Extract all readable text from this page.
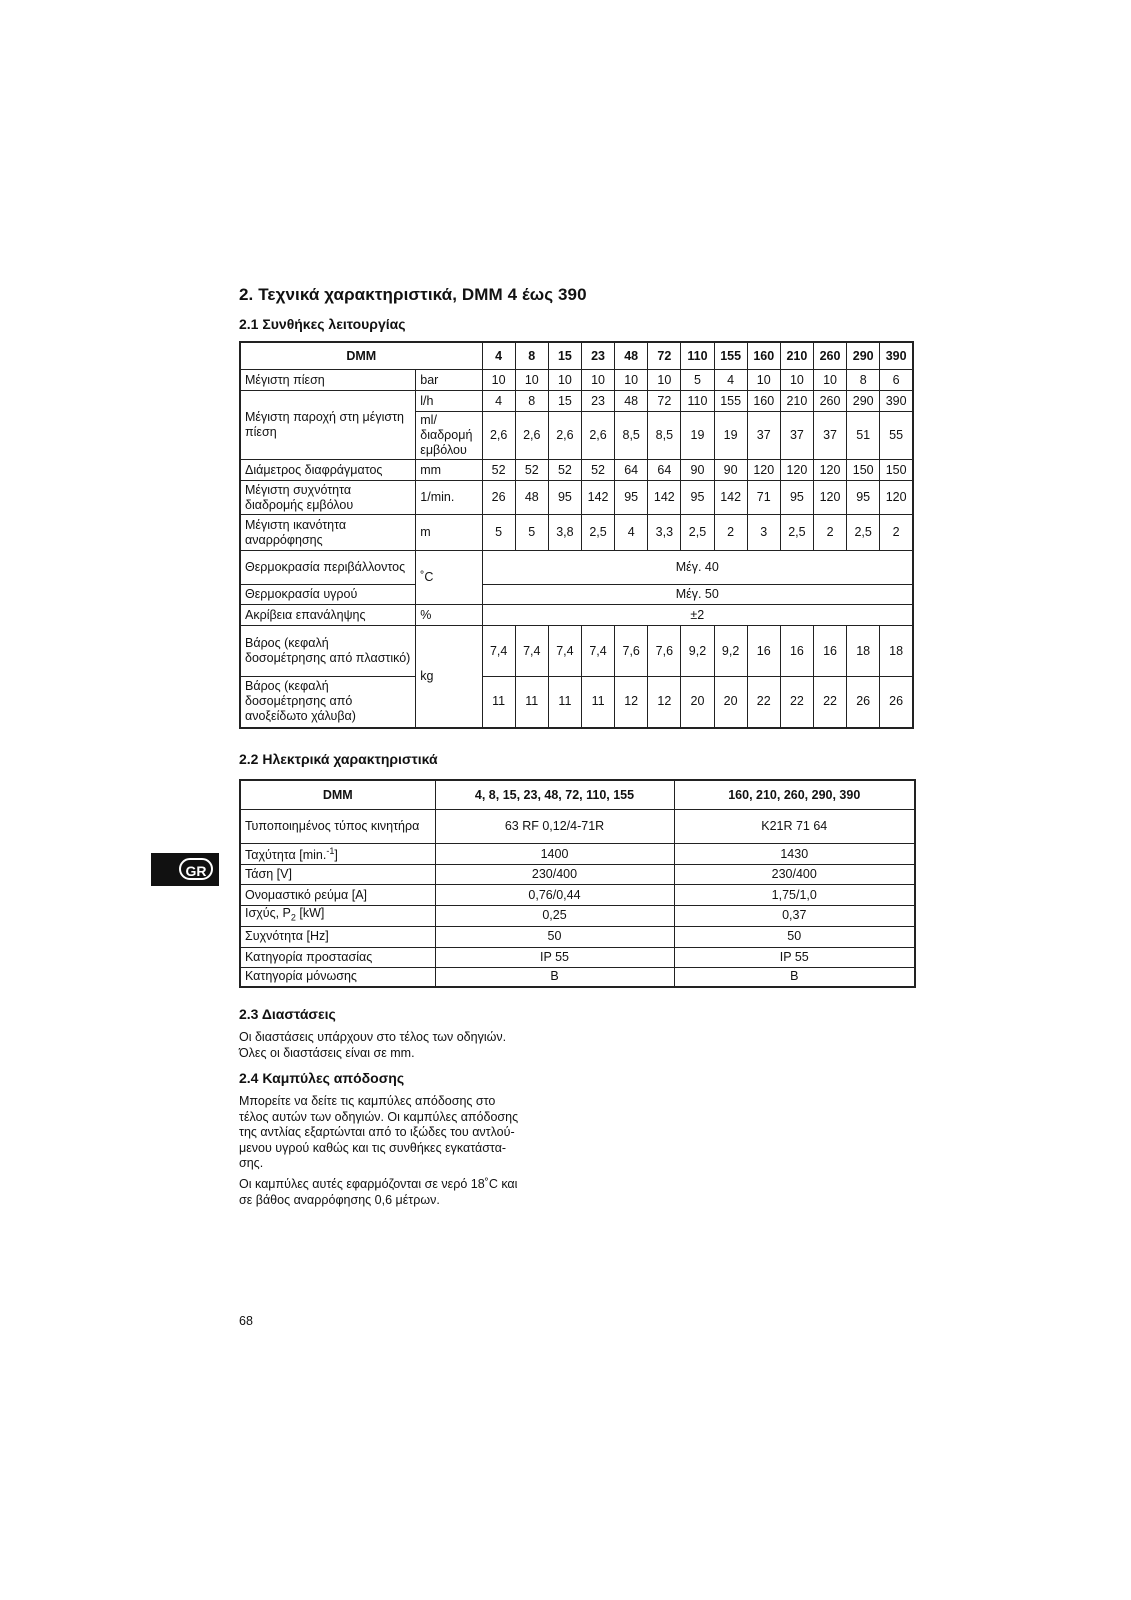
2. Τεχνικά χαρακτηριστικά, DMM 4 έως 390
2.1 Συνθήκες λειτουργίας
DMM		4	8	15	23	48	72	110	155	160	210	260	290	390
Μέγιστη πίεση	bar	10	10	10	10	10	10	5	4	10	10	10	8	6
Μέγιστη παροχή στη μέγιστη πίεση	l/h	4	8	15	23	48	72	110	155	160	210	260	290	390
	ml/ διαδρομή εμβόλου	2,6	2,6	2,6	2,6	8,5	8,5	19	19	37	37	37	51	55
Διάμετρος διαφράγματος	mm	52	52	52	52	64	64	90	90	120	120	120	150	150
Μέγιστη συχνότητα διαδρομής εμβόλου	1/min.	26	48	95	142	95	142	95	142	71	95	120	95	120
Μέγιστη ικανότητα αναρρόφησης	m	5	5	3,8	2,5	4	3,3	2,5	2	3	2,5	2	2,5	2
Θερμοκρασία περιβάλλοντος	˚C	Μέγ. 40												
Θερμοκρασία υγρού		Μέγ. 50												
Ακρίβεια επανάληψης	%	±2												
Βάρος (κεφαλή δοσομέτρησης από πλαστικό)	kg	7,4	7,4	7,4	7,4	7,6	7,6	9,2	9,2	16	16	16	18	18
Βάρος (κεφαλή δοσομέτρησης από ανοξείδωτο χάλυβα)		11	11	11	11	12	12	20	20	22	22	22	26	26
2.2 Ηλεκτρικά χαρακτηριστικά
DMM	4, 8, 15, 23, 48, 72, 110, 155	160, 210, 260, 290, 390
Τυποποιημένος τύπος κινητήρα	63 RF 0,12/4-71R	K21R 71 64
Ταχύτητα [min.$^{-1}$]	1400	1430
Τάση [V]	230/400	230/400
Ονομαστικό ρεύμα [A]	0,76/0,44	1,75/1,0
Ισχύς, $P_2$ [kW]	0,25	0,37
Συχνότητα [Hz]	50	50
Κατηγορία προστασίας	IP 55	IP 55
Κατηγορία μόνωσης	B	B
2.3 Διαστάσεις
Οι διαστάσεις υπάρχουν στο τέλος των οδηγιών.
Όλες οι διαστάσεις είναι σε mm.
2.4 Καμπύλες απόδοσης
Μπορείτε να δείτε τις καμπύλες απόδοσης στο
τέλος αυτών των οδηγιών. Οι καμπύλες απόδοσης
της αντλίας εξαρτώνται από το ιξώδες του αντλού-
μενου υγρού καθώς και τις συνθήκες εγκατάστα-
σης.
Οι καμπύλες αυτές εφαρμόζονται σε νερό 18˚C και
σε βάθος αναρρόφησης 0,6 μέτρων.
GR
68
